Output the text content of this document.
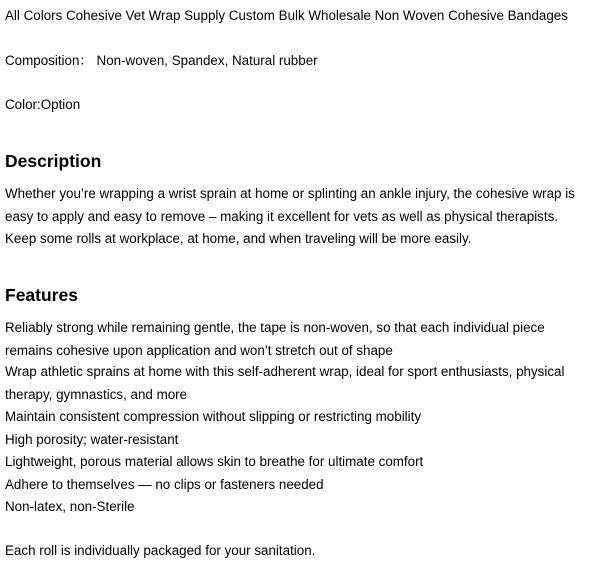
All Colors Cohesive Vet Wrap Supply Custom Bulk Wholesale Non Woven Cohesive Bandages
Composition： Non-woven, Spandex, Natural rubber
Color:Option
Description
Whether you’re wrapping a wrist sprain at home or splinting an ankle injury, the cohesive wrap is
easy to apply and easy to remove – making it excellent for vets as well as physical therapists.
Keep some rolls at workplace, at home, and when traveling will be more easily.
Features
Reliably strong while remaining gentle, the tape is non-woven, so that each individual piece
remains cohesive upon application and won’t stretch out of shape
Wrap athletic sprains at home with this self-adherent wrap, ideal for sport enthusiasts, physical
therapy, gymnastics, and more
Maintain consistent compression without slipping or restricting mobility
High porosity; water-resistant
Lightweight, porous material allows skin to breathe for ultimate comfort
Adhere to themselves — no clips or fasteners needed
Non-latex, non-Sterile
Each roll is individually packaged for your sanitation.
